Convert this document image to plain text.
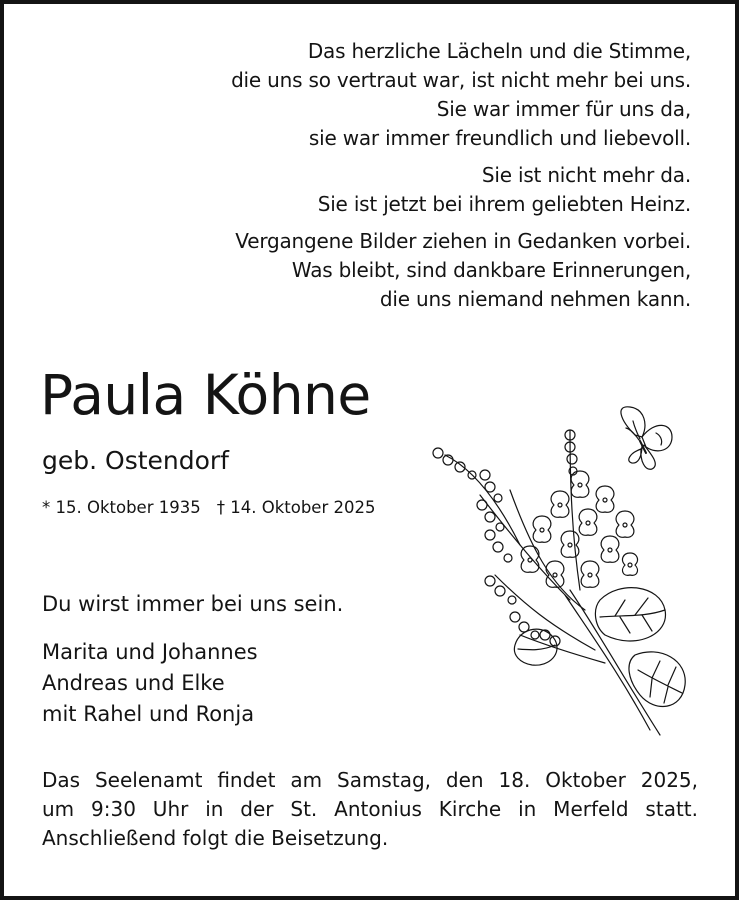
Das herzliche Lächeln und die Stimme,
die uns so vertraut war, ist nicht mehr bei uns.
Sie war immer für uns da,
sie war immer freundlich und liebevoll.
Sie ist nicht mehr da.
Sie ist jetzt bei ihrem geliebten Heinz.
Vergangene Bilder ziehen in Gedanken vorbei.
Was bleibt, sind dankbare Erinnerungen,
die uns niemand nehmen kann.
Paula Köhne
geb. Ostendorf
* 15. Oktober 1935 † 14. Oktober 2025
Du wirst immer bei uns sein.
Marita und Johannes
Andreas und Elke
mit Rahel und Ronja
Das Seelenamt findet am Samstag, den 18. Oktober 2025,
um 9:30 Uhr in der St. Antonius Kirche in Merfeld statt.
Anschließend folgt die Beisetzung.
